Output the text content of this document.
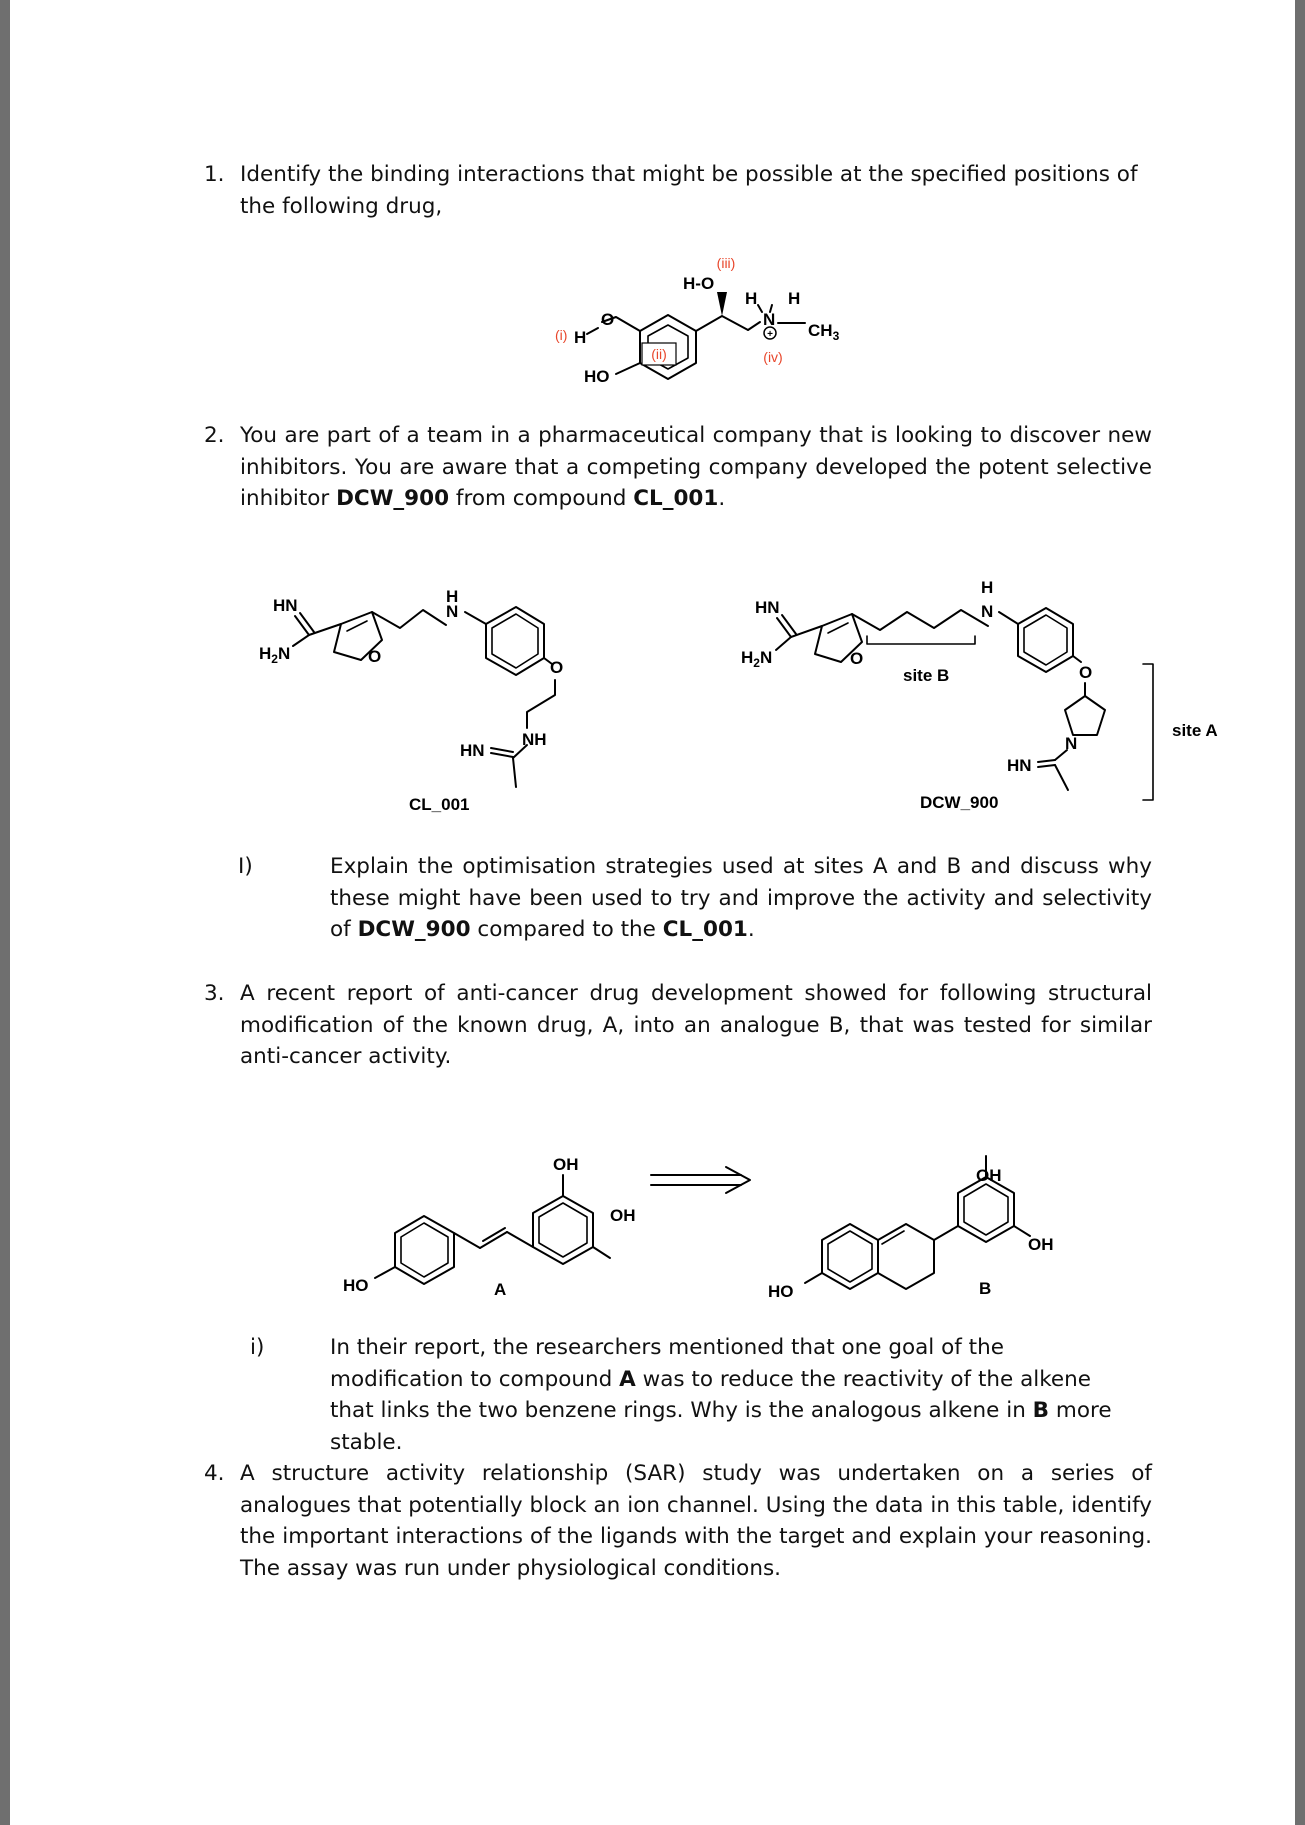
1. Identify the binding interactions that might be possible at the specified positions of
the following drug,
+
(i) H
O
HO
(ii)
(iii)
H-O
H H
N
$CH_3$
(iv)
2. You are part of a team in a pharmaceutical company that is looking to discover new inhibitors. You are aware that a competing company developed the potent selective inhibitor DCW_900 from compound CL_001.
HN
$H_2N$	O
H
N
O
NH
HN
CL_001
HN
$H_2N$	O
H
N
O
N
HN
DCW_900
site B
site A
I)	Explain the optimisation strategies used at sites A and B and discuss why these might have been used to try and improve the activity and selectivity of DCW_900 compared to the CL_001.
3. A recent report of anti-cancer drug development showed for following structural modification of the known drug, A, into an analogue B, that was tested for similar anti-cancer activity.
HO
OH
OH
A	HO
OH
OH
B
i)	In their report, the researchers mentioned that one goal of the modification to compound A was to reduce the reactivity of the alkene that links the two benzene rings. Why is the analogous alkene in B more stable.
4. A structure activity relationship (SAR) study was undertaken on a series of analogues that potentially block an ion channel. Using the data in this table, identify the important interactions of the ligands with the target and explain your reasoning. The assay was run under physiological conditions.
